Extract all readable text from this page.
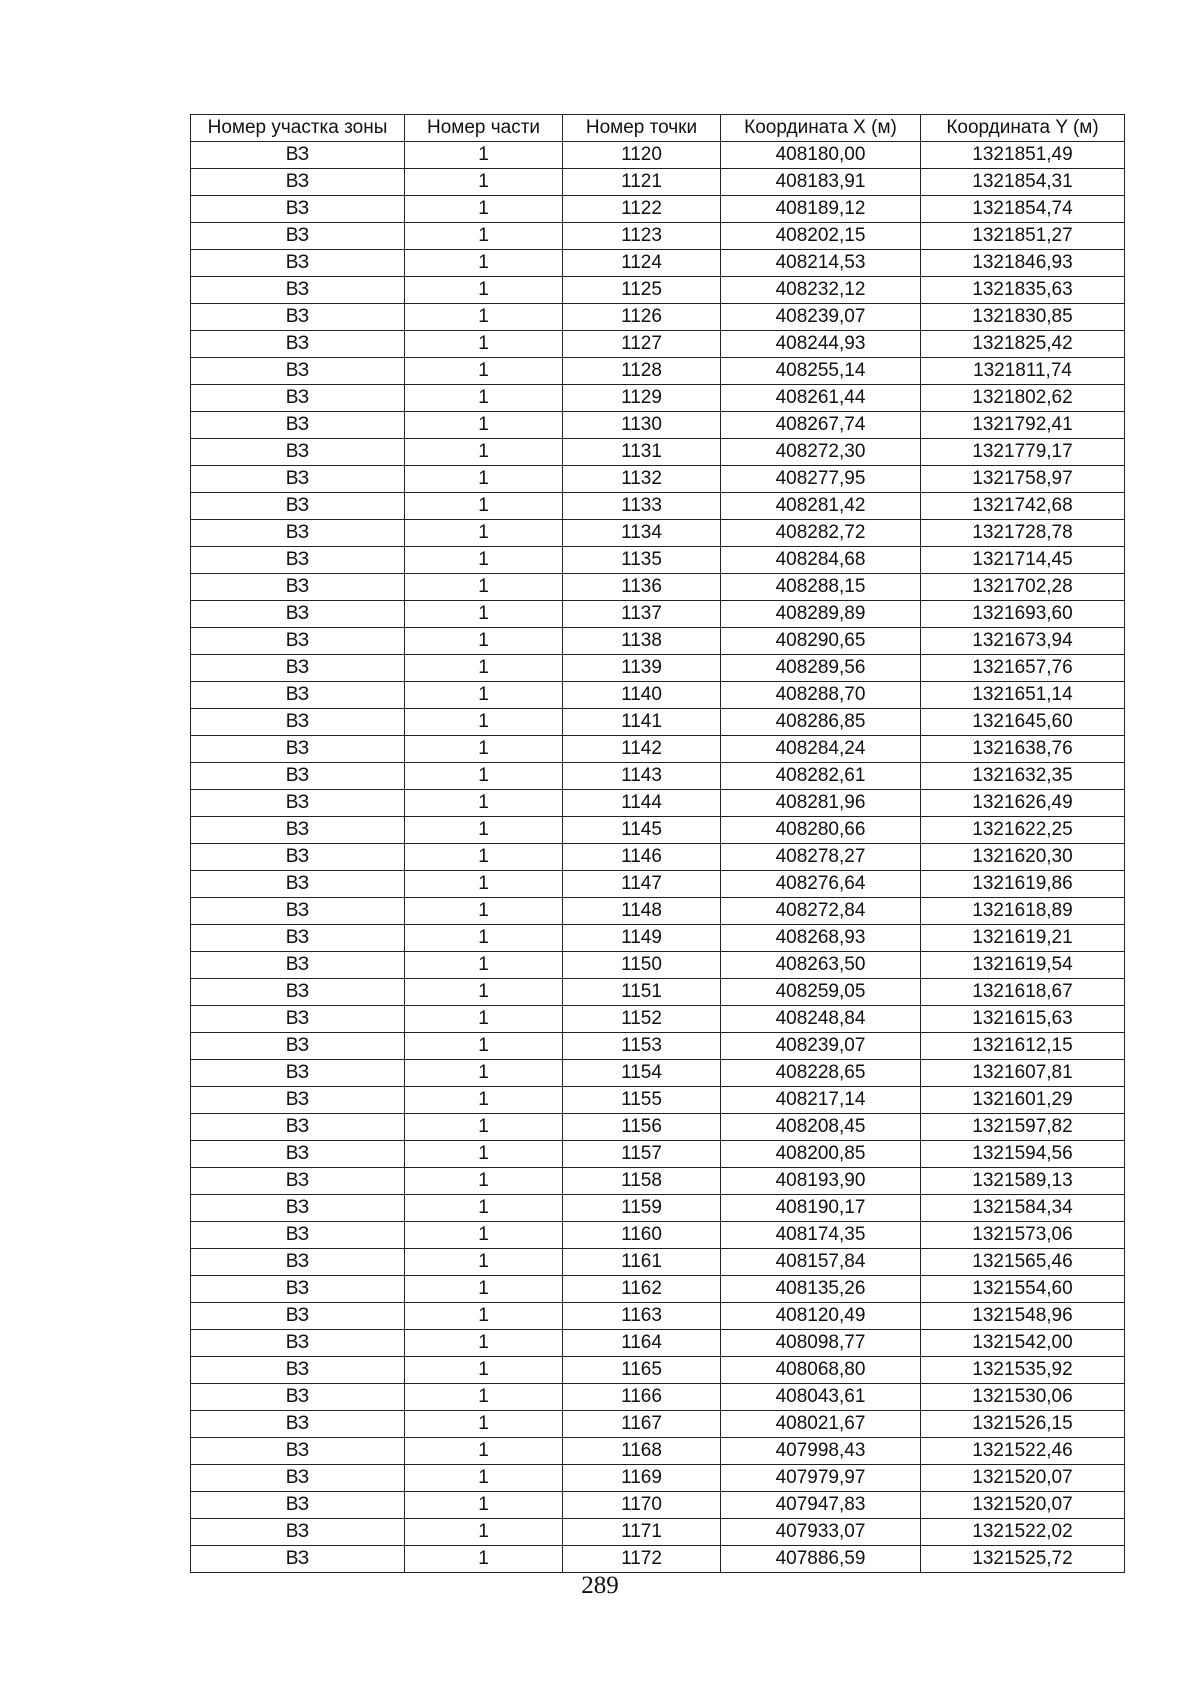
Номер участка зоны	Номер части	Номер точки	Координата X (м)	Координата Y (м)
ВЗ	1	1120	408180,00	1321851,49
ВЗ	1	1121	408183,91	1321854,31
ВЗ	1	1122	408189,12	1321854,74
ВЗ	1	1123	408202,15	1321851,27
ВЗ	1	1124	408214,53	1321846,93
ВЗ	1	1125	408232,12	1321835,63
ВЗ	1	1126	408239,07	1321830,85
ВЗ	1	1127	408244,93	1321825,42
ВЗ	1	1128	408255,14	1321811,74
ВЗ	1	1129	408261,44	1321802,62
ВЗ	1	1130	408267,74	1321792,41
ВЗ	1	1131	408272,30	1321779,17
ВЗ	1	1132	408277,95	1321758,97
ВЗ	1	1133	408281,42	1321742,68
ВЗ	1	1134	408282,72	1321728,78
ВЗ	1	1135	408284,68	1321714,45
ВЗ	1	1136	408288,15	1321702,28
ВЗ	1	1137	408289,89	1321693,60
ВЗ	1	1138	408290,65	1321673,94
ВЗ	1	1139	408289,56	1321657,76
ВЗ	1	1140	408288,70	1321651,14
ВЗ	1	1141	408286,85	1321645,60
ВЗ	1	1142	408284,24	1321638,76
ВЗ	1	1143	408282,61	1321632,35
ВЗ	1	1144	408281,96	1321626,49
ВЗ	1	1145	408280,66	1321622,25
ВЗ	1	1146	408278,27	1321620,30
ВЗ	1	1147	408276,64	1321619,86
ВЗ	1	1148	408272,84	1321618,89
ВЗ	1	1149	408268,93	1321619,21
ВЗ	1	1150	408263,50	1321619,54
ВЗ	1	1151	408259,05	1321618,67
ВЗ	1	1152	408248,84	1321615,63
ВЗ	1	1153	408239,07	1321612,15
ВЗ	1	1154	408228,65	1321607,81
ВЗ	1	1155	408217,14	1321601,29
ВЗ	1	1156	408208,45	1321597,82
ВЗ	1	1157	408200,85	1321594,56
ВЗ	1	1158	408193,90	1321589,13
ВЗ	1	1159	408190,17	1321584,34
ВЗ	1	1160	408174,35	1321573,06
ВЗ	1	1161	408157,84	1321565,46
ВЗ	1	1162	408135,26	1321554,60
ВЗ	1	1163	408120,49	1321548,96
ВЗ	1	1164	408098,77	1321542,00
ВЗ	1	1165	408068,80	1321535,92
ВЗ	1	1166	408043,61	1321530,06
ВЗ	1	1167	408021,67	1321526,15
ВЗ	1	1168	407998,43	1321522,46
ВЗ	1	1169	407979,97	1321520,07
ВЗ	1	1170	407947,83	1321520,07
ВЗ	1	1171	407933,07	1321522,02
ВЗ	1	1172	407886,59	1321525,72
289
